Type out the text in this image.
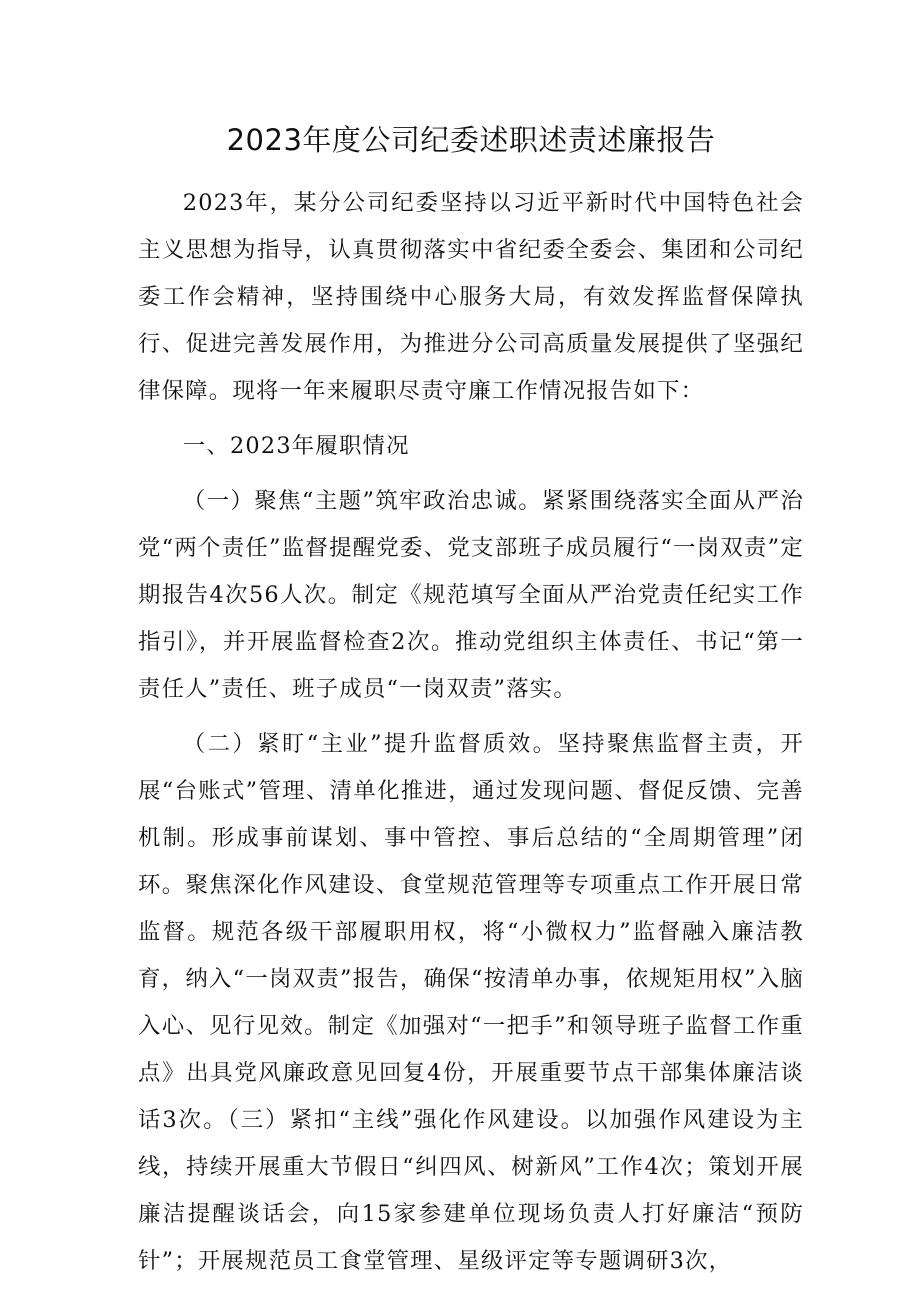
2023年度公司纪委述职述责述廉报告

2023年，某分公司纪委坚持以习近平新时代中国特色社会主义思想为指导，认真贯彻落实中省纪委全委会、集团和公司纪委工作会精神，坚持围绕中心服务大局，有效发挥监督保障执行、促进完善发展作用，为推进分公司高质量发展提供了坚强纪律保障。现将一年来履职尽责守廉工作情况报告如下：

一、2023年履职情况

（一）聚焦“主题”筑牢政治忠诚。紧紧围绕落实全面从严治党“两个责任”监督提醒党委、党支部班子成员履行“一岗双责”定期报告4次56人次。制定《规范填写全面从严治党责任纪实工作指引》，并开展监督检查2次。推动党组织主体责任、书记“第一责任人”责任、班子成员“一岗双责”落实。

（二）紧盯“主业”提升监督质效。坚持聚焦监督主责，开展“台账式”管理、清单化推进，通过发现问题、督促反馈、完善机制。形成事前谋划、事中管控、事后总结的“全周期管理”闭环。聚焦深化作风建设、食堂规范管理等专项重点工作开展日常监督。规范各级干部履职用权，将“小微权力”监督融入廉洁教育，纳入“一岗双责”报告，确保“按清单办事，依规矩用权”入脑入心、见行见效。制定《加强对“一把手”和领导班子监督工作重点》出具党风廉政意见回复4份，开展重要节点干部集体廉洁谈话3次。（三）紧扣“主线”强化作风建设。以加强作风建设为主线，持续开展重大节假日“纠四风、树新风”工作4次；策划开展廉洁提醒谈话会，向15家参建单位现场负责人打好廉洁“预防针”；开展规范员工食堂管理、星级评定等专题调研3次，
